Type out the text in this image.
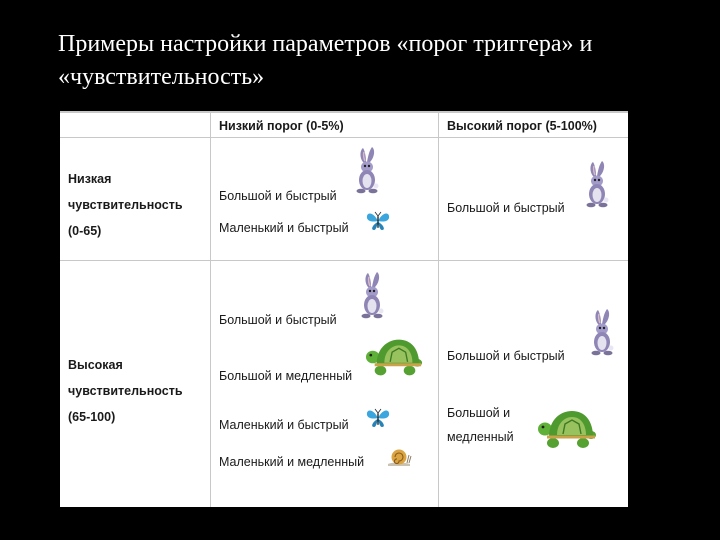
Примеры настройки параметров «порог триггера» и «чувствительность»
Низкий порог (0-5%)	Высокий порог (5-100%)
Низкая
чувствительность
(0-65)
Большой и быстрый
Маленький и быстрый
Большой и быстрый
Высокая
чувствительность
(65-100)
Большой и быстрый
Большой и медленный
Маленький и быстрый
Маленький и медленный
Большой и быстрый
Большой и
медленный
